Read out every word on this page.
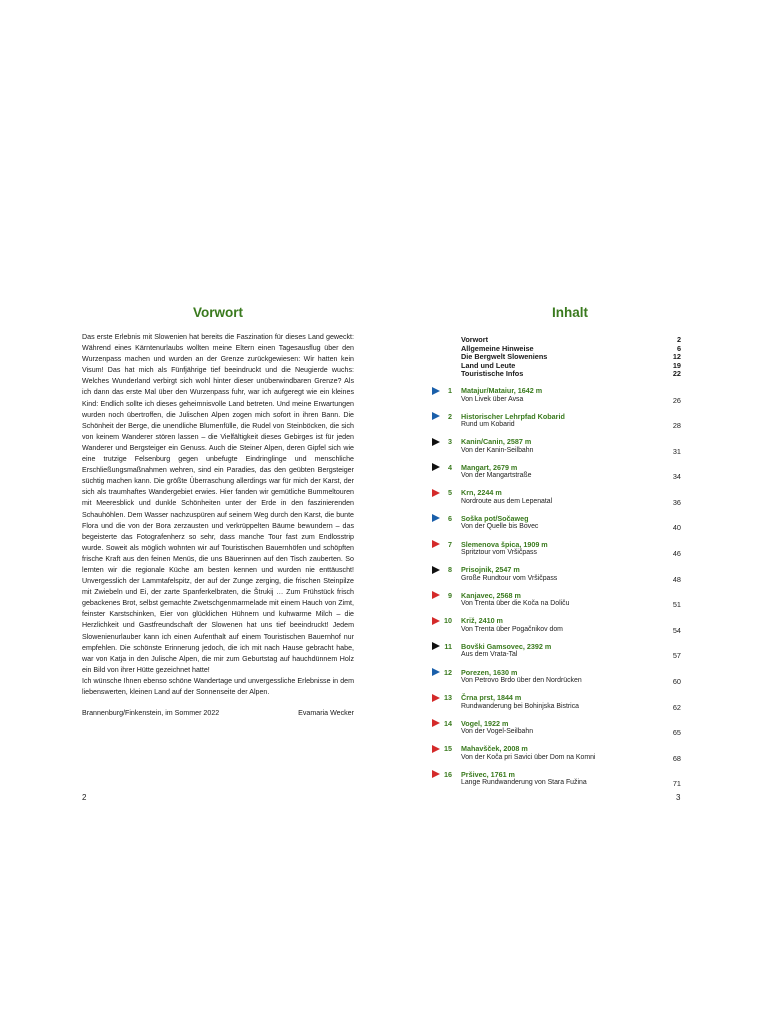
Vorwort

Das erste Erlebnis mit Slowenien hat bereits die Faszination für dieses Land geweckt: Während eines Kärntenurlaubs wollten meine Eltern einen Tagesausflug über den Wurzenpass machen und wurden an der Grenze zurückgewiesen: Wir hatten kein Visum! Das hat mich als Fünfjährige tief beeindruckt und die Neugierde wuchs: Welches Wunderland verbirgt sich wohl hinter dieser unüberwindbaren Grenze? Als ich dann das erste Mal über den Wurzenpass fuhr, war ich aufgeregt wie ein kleines Kind: Endlich sollte ich dieses geheimnisvolle Land betreten. Und meine Erwartungen wurden noch übertroffen, die Julischen Alpen zogen mich sofort in ihren Bann. Die Schönheit der Berge, die unendliche Blumenfülle, die Rudel von Steinböcken, die sich von keinem Wanderer stören lassen – die Vielfältigkeit dieses Gebirges ist für jeden Wanderer und Bergsteiger ein Genuss. Auch die Steiner Alpen, deren Gipfel sich wie eine trutzige Felsenburg gegen unbefugte Eindringlinge und menschliche Erschließungsmaßnahmen wehren, sind ein Paradies, das den geübten Bergsteiger süchtig machen kann. Die größte Überraschung allerdings war für mich der Karst, der sich als traumhaftes Wandergebiet erwies. Hier fanden wir gemütliche Bummeltouren mit Meeresblick und dunkle Schönheiten unter der Erde in den faszinierenden Schauhöhlen. Dem Wasser nachzuspüren auf seinem Weg durch den Karst, die bunte Flora und die von der Bora zerzausten und verkrüppelten Bäume bewundern – das begeisterte das Fotografenherz so sehr, dass manche Tour fast zum Endlosstrip wurde. Soweit als möglich wohnten wir auf Touristischen Bauernhöfen und schöpften frische Kraft aus den feinen Menüs, die uns Bäuerinnen auf den Tisch zauberten. So lernten wir die regionale Küche am besten kennen und wurden nie enttäuscht! Unvergesslich der Lammtafelspitz, der auf der Zunge zerging, die frischen Steinpilze mit Zwiebeln und Ei, der zarte Spanferkelbraten, die Štrukij … Zum Frühstück frisch gebackenes Brot, selbst gemachte Zwetschgenmarmelade mit einem Hauch von Zimt, feinster Karstschinken, Eier von glücklichen Hühnern und kuhwarme Milch – die Herzlichkeit und Gastfreundschaft der Slowenen hat uns tief beeindruckt! Jedem Slowenienurlauber kann ich einen Aufenthalt auf einem Touristischen Bauernhof nur empfehlen. Die schönste Erinnerung jedoch, die ich mit nach Hause gebracht habe, war von Katja in den Julische Alpen, die mir zum Geburtstag auf hauchdünnem Holz ein Bild von ihrer Hütte gezeichnet hatte!

Ich wünsche Ihnen ebenso schöne Wandertage und unvergessliche Erlebnisse in dem liebenswerten, kleinen Land auf der Sonnenseite der Alpen.

Brannenburg/Finkenstein, im Sommer 2022	Evamaria Wecker
2
Inhalt
Vorwort	2
Allgemeine Hinweise	6
Die Bergwelt Sloweniens	12
Land und Leute	19
Touristische Infos	22
1 Matajur/Mataiur, 1642 m
Von Livek über Avsa	26
2 Historischer Lehrpfad Kobarid
Rund um Kobarid	28
3 Kanin/Canin, 2587 m
Von der Kanin-Seilbahn	31
4 Mangart, 2679 m
Von der Mangartstraße	34
5 Krn, 2244 m
Nordroute aus dem Lepenatal	36
6 Soška pot/Sočaweg
Von der Quelle bis Bovec	40
7 Slemenova špica, 1909 m
Spritztour vom Vršičpass	46
8 Prisojnik, 2547 m
Große Rundtour vom Vršičpass	48
9 Kanjavec, 2568 m
Von Trenta über die Koča na Doliču	51
10 Križ, 2410 m
Von Trenta über Pogačnikov dom	54
11 Bovški Gamsovec, 2392 m
Aus dem Vrata-Tal	57
12 Porezen, 1630 m
Von Petrovo Brdo über den Nordrücken	60
13 Črna prst, 1844 m
Rundwanderung bei Bohinjska Bistrica	62
14 Vogel, 1922 m
Von der Vogel-Seilbahn	65
15 Mahavšček, 2008 m
Von der Koča pri Savici über Dom na Komni	68
16 Pršivec, 1761 m
Lange Rundwanderung von Stara Fužina	71
3
